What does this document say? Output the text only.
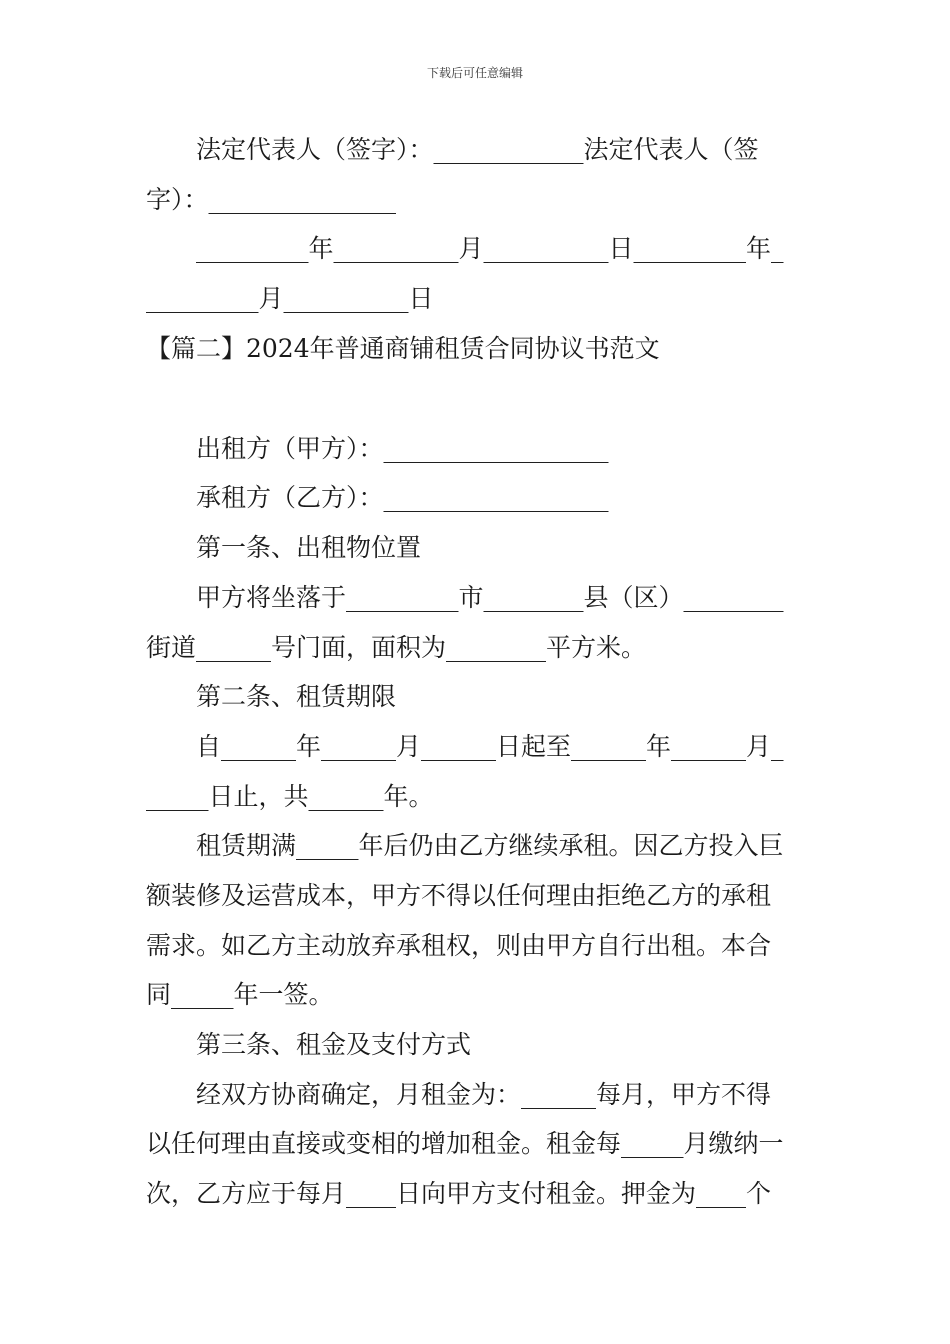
下载后可任意编辑
法定代表人（签字）：____________法定代表人（签
字）：_______________
_________年__________月__________日_________年_
_________月__________日
【篇二】2024年普通商铺租赁合同协议书范文
出租方（甲方）：__________________
承租方（乙方）：__________________
第一条、出租物位置
甲方将坐落于_________市________县（区）________
街道______号门面，面积为________平方米。
第二条、租赁期限
自______年______月______日起至______年______月_
_____日止，共______年。
租赁期满_____年后仍由乙方继续承租。因乙方投入巨
额装修及运营成本，甲方不得以任何理由拒绝乙方的承租
需求。如乙方主动放弃承租权，则由甲方自行出租。本合
同_____年一签。
第三条、租金及支付方式
经双方协商确定，月租金为：______每月，甲方不得
以任何理由直接或变相的增加租金。租金每_____月缴纳一
次，乙方应于每月____日向甲方支付租金。押金为____个
